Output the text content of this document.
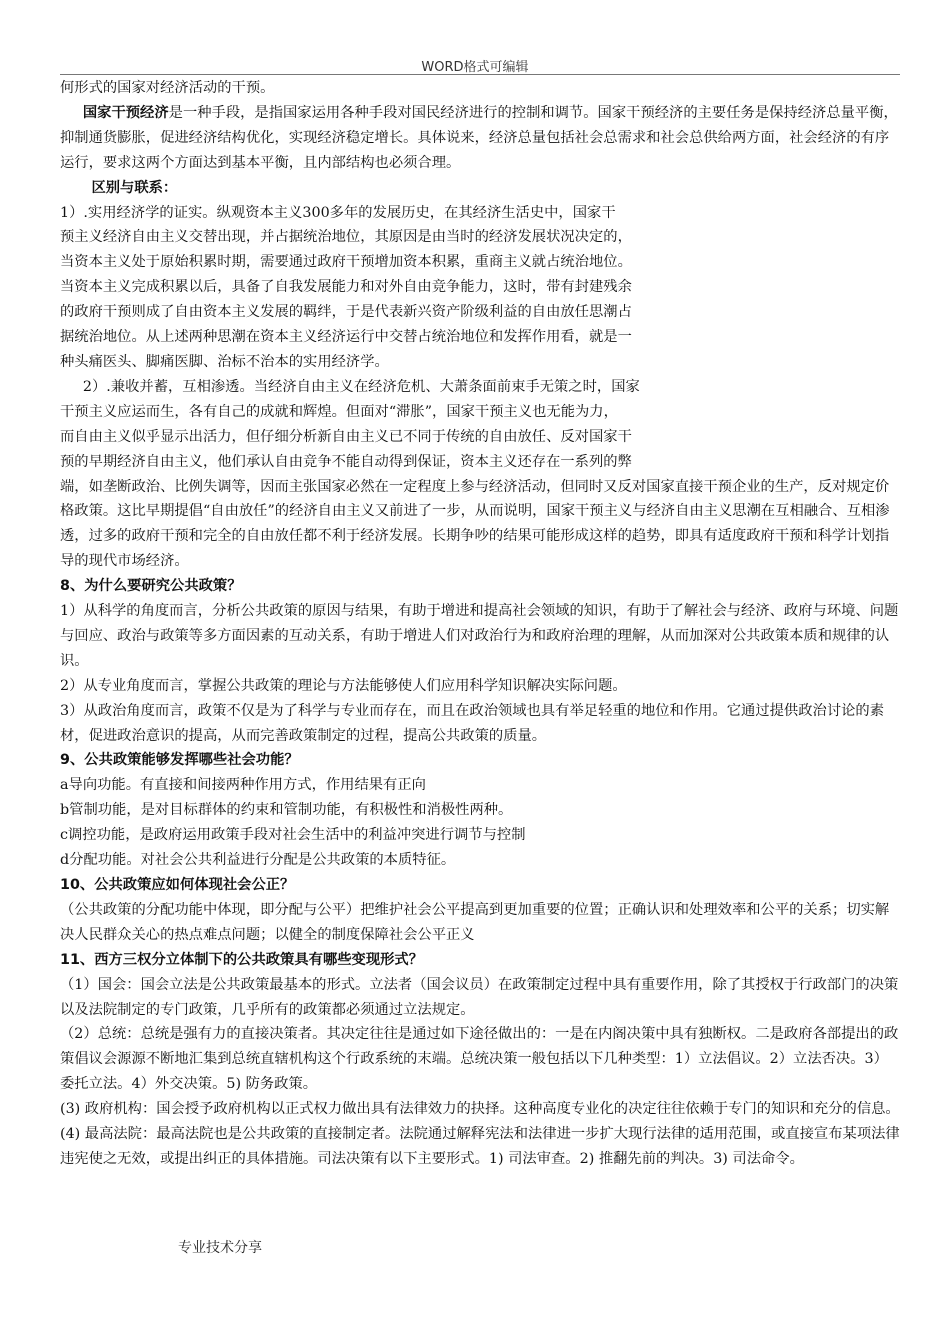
WORD格式可编辑

何形式的国家对经济活动的干预。

国家干预经济是一种手段，是指国家运用各种手段对国民经济进行的控制和调节。国家干预经济的主要任务是保持经济总量平衡，抑制通货膨胀，促进经济结构优化，实现经济稳定增长。具体说来，经济总量包括社会总需求和社会总供给两方面，社会经济的有序运行，要求这两个方面达到基本平衡，且内部结构也必须合理。

区别与联系：

1）.实用经济学的证实。纵观资本主义300多年的发展历史，在其经济生活史中，国家干

预主义经济自由主义交替出现，并占据统治地位，其原因是由当时的经济发展状况决定的，

当资本主义处于原始积累时期，需要通过政府干预增加资本积累，重商主义就占统治地位。

当资本主义完成积累以后，具备了自我发展能力和对外自由竞争能力，这时，带有封建残余

的政府干预则成了自由资本主义发展的羁绊，于是代表新兴资产阶级利益的自由放任思潮占

据统治地位。从上述两种思潮在资本主义经济运行中交替占统治地位和发挥作用看，就是一

种头痛医头、脚痛医脚、治标不治本的实用经济学。

2）.兼收并蓄，互相渗透。当经济自由主义在经济危机、大萧条面前束手无策之时，国家

干预主义应运而生，各有自己的成就和辉煌。但面对“滞胀”，国家干预主义也无能为力，

而自由主义似乎显示出活力，但仔细分析新自由主义已不同于传统的自由放任、反对国家干

预的早期经济自由主义，他们承认自由竞争不能自动得到保证，资本主义还存在一系列的弊

端，如垄断政治、比例失调等，因而主张国家必然在一定程度上参与经济活动，但同时又反对国家直接干预企业的生产，反对规定价格政策。这比早期提倡“自由放任”的经济自由主义又前进了一步，从而说明，国家干预主义与经济自由主义思潮在互相融合、互相渗透，过多的政府干预和完全的自由放任都不利于经济发展。长期争吵的结果可能形成这样的趋势，即具有适度政府干预和科学计划指导的现代市场经济。

8、为什么要研究公共政策？

1）从科学的角度而言，分析公共政策的原因与结果，有助于增进和提高社会领域的知识，有助于了解社会与经济、政府与环境、问题与回应、政治与政策等多方面因素的互动关系，有助于增进人们对政治行为和政府治理的理解，从而加深对公共政策本质和规律的认识。

2）从专业角度而言，掌握公共政策的理论与方法能够使人们应用科学知识解决实际问题。

3）从政治角度而言，政策不仅是为了科学与专业而存在，而且在政治领域也具有举足轻重的地位和作用。它通过提供政治讨论的素材，促进政治意识的提高，从而完善政策制定的过程，提高公共政策的质量。

9、公共政策能够发挥哪些社会功能？

a导向功能。有直接和间接两种作用方式，作用结果有正向

b管制功能，是对目标群体的约束和管制功能，有积极性和消极性两种。

c调控功能，是政府运用政策手段对社会生活中的利益冲突进行调节与控制

d分配功能。对社会公共利益进行分配是公共政策的本质特征。

10、公共政策应如何体现社会公正？

（公共政策的分配功能中体现，即分配与公平）把维护社会公平提高到更加重要的位置；正确认识和处理效率和公平的关系；切实解决人民群众关心的热点难点问题；以健全的制度保障社会公平正义

11、西方三权分立体制下的公共政策具有哪些变现形式？

（1）国会：国会立法是公共政策最基本的形式。立法者（国会议员）在政策制定过程中具有重要作用，除了其授权于行政部门的决策以及法院制定的专门政策，几乎所有的政策都必须通过立法规定。

（2）总统：总统是强有力的直接决策者。其决定往往是通过如下途径做出的：一是在内阁决策中具有独断权。二是政府各部提出的政策倡议会源源不断地汇集到总统直辖机构这个行政系统的末端。总统决策一般包括以下几种类型：1）立法倡议。2）立法否决。3）委托立法。4）外交决策。5) 防务政策。

(3) 政府机构：国会授予政府机构以正式权力做出具有法律效力的抉择。这种高度专业化的决定往往依赖于专门的知识和充分的信息。

(4) 最高法院：最高法院也是公共政策的直接制定者。法院通过解释宪法和法律进一步扩大现行法律的适用范围，或直接宣布某项法律违宪使之无效，或提出纠正的具体措施。司法决策有以下主要形式。1) 司法审查。2) 推翻先前的判决。3) 司法命令。

专业技术分享
